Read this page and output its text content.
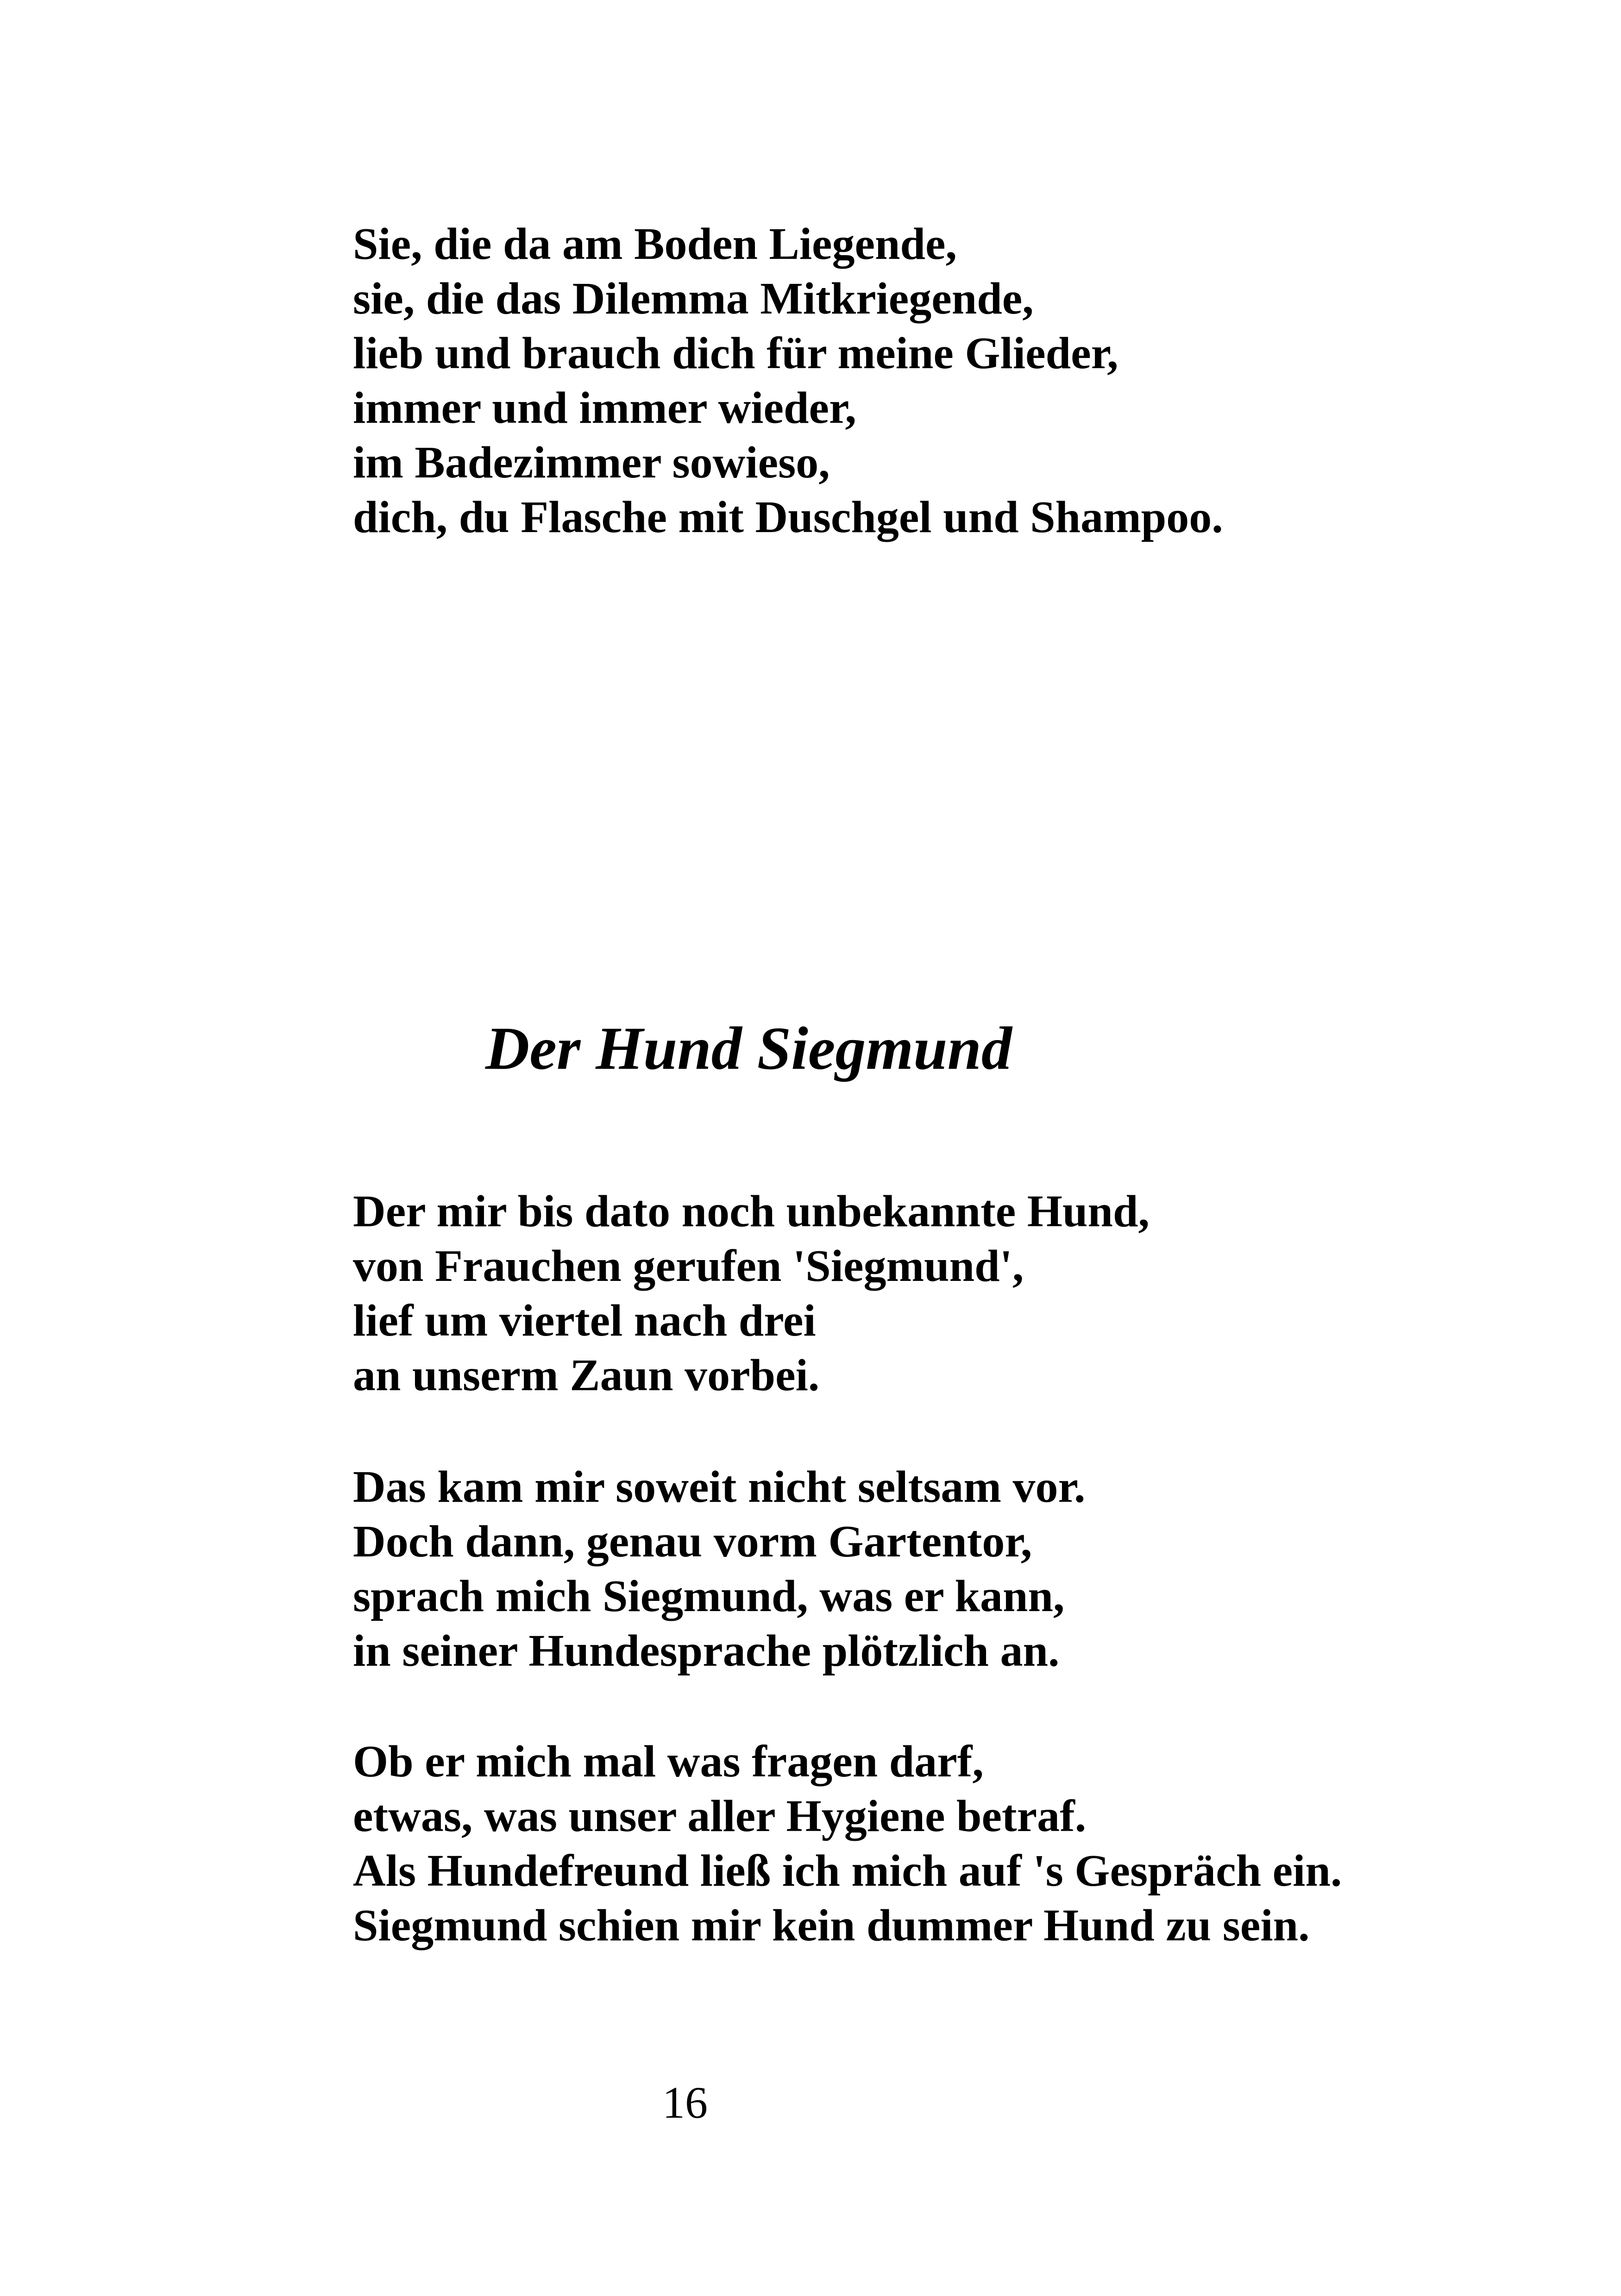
Sie, die da am Boden Liegende,
sie, die das Dilemma Mitkriegende,
lieb und brauch dich für meine Glieder,
immer und immer wieder,
im Badezimmer sowieso,
dich, du Flasche mit Duschgel und Shampoo.
Der Hund Siegmund
Der mir bis dato noch unbekannte Hund,
von Frauchen gerufen 'Siegmund',
lief um viertel nach drei
an unserm Zaun vorbei.
Das kam mir soweit nicht seltsam vor.
Doch dann, genau vorm Gartentor,
sprach mich Siegmund, was er kann,
in seiner Hundesprache plötzlich an.
Ob er mich mal was fragen darf,
etwas, was unser aller Hygiene betraf.
Als Hundefreund ließ ich mich auf 's Gespräch ein.
Siegmund schien mir kein dummer Hund zu sein.
16
